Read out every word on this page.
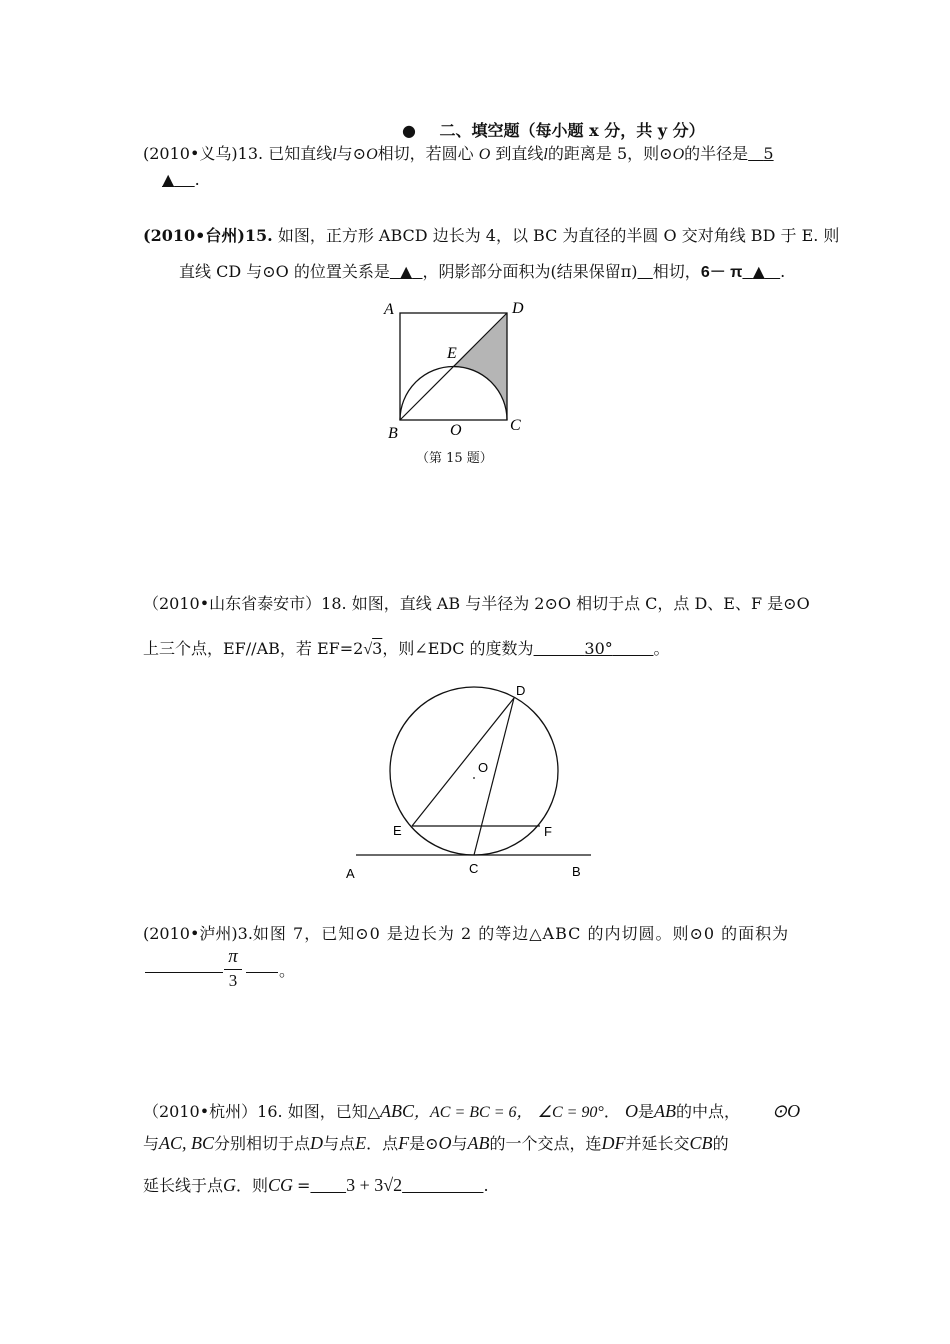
● 二、填空题（每小题 x 分，共 y 分）
(2010•义乌)13. 已知直线l与⊙O相切，若圆心 O 到直线l的距离是 5，则⊙O的半径是 5
▲ .
(2010•台州)15. 如图，正方形 ABCD 边长为 4，以 BC 为直径的半圆 O 交对角线 BD 于 E. 则
直线 CD 与⊙O 的位置关系是 ▲ ，阴影部分面积为(结果保留π) 相切，6－ π ▲ .
A	D
E
B	O	C
（第 15 题）
（2010•山东省泰安市）18. 如图，直线 AB 与半径为 2⊙O 相切于点 C，点 D、E、F 是⊙O
上三个点，EF//AB，若 EF=2√3，则∠EDC 的度数为	30°	。
D
O
E	F
A	C	B
(2010•泸州)3.如图 7，已知⊙0 是边长为 2 的等边△ABC 的内切圆。则⊙0 的面积为
π
3
。
（2010•杭州）16. 如图，已知△ABC，AC = BC = 6， ∠C = 90°． O是AB的中点， ⊙O
与AC, BC分别相切于点D与点E．点F是⊙O与AB的一个交点，连DF并延长交CB的
延长线于点G．则CG = 3 + 3√2	.
